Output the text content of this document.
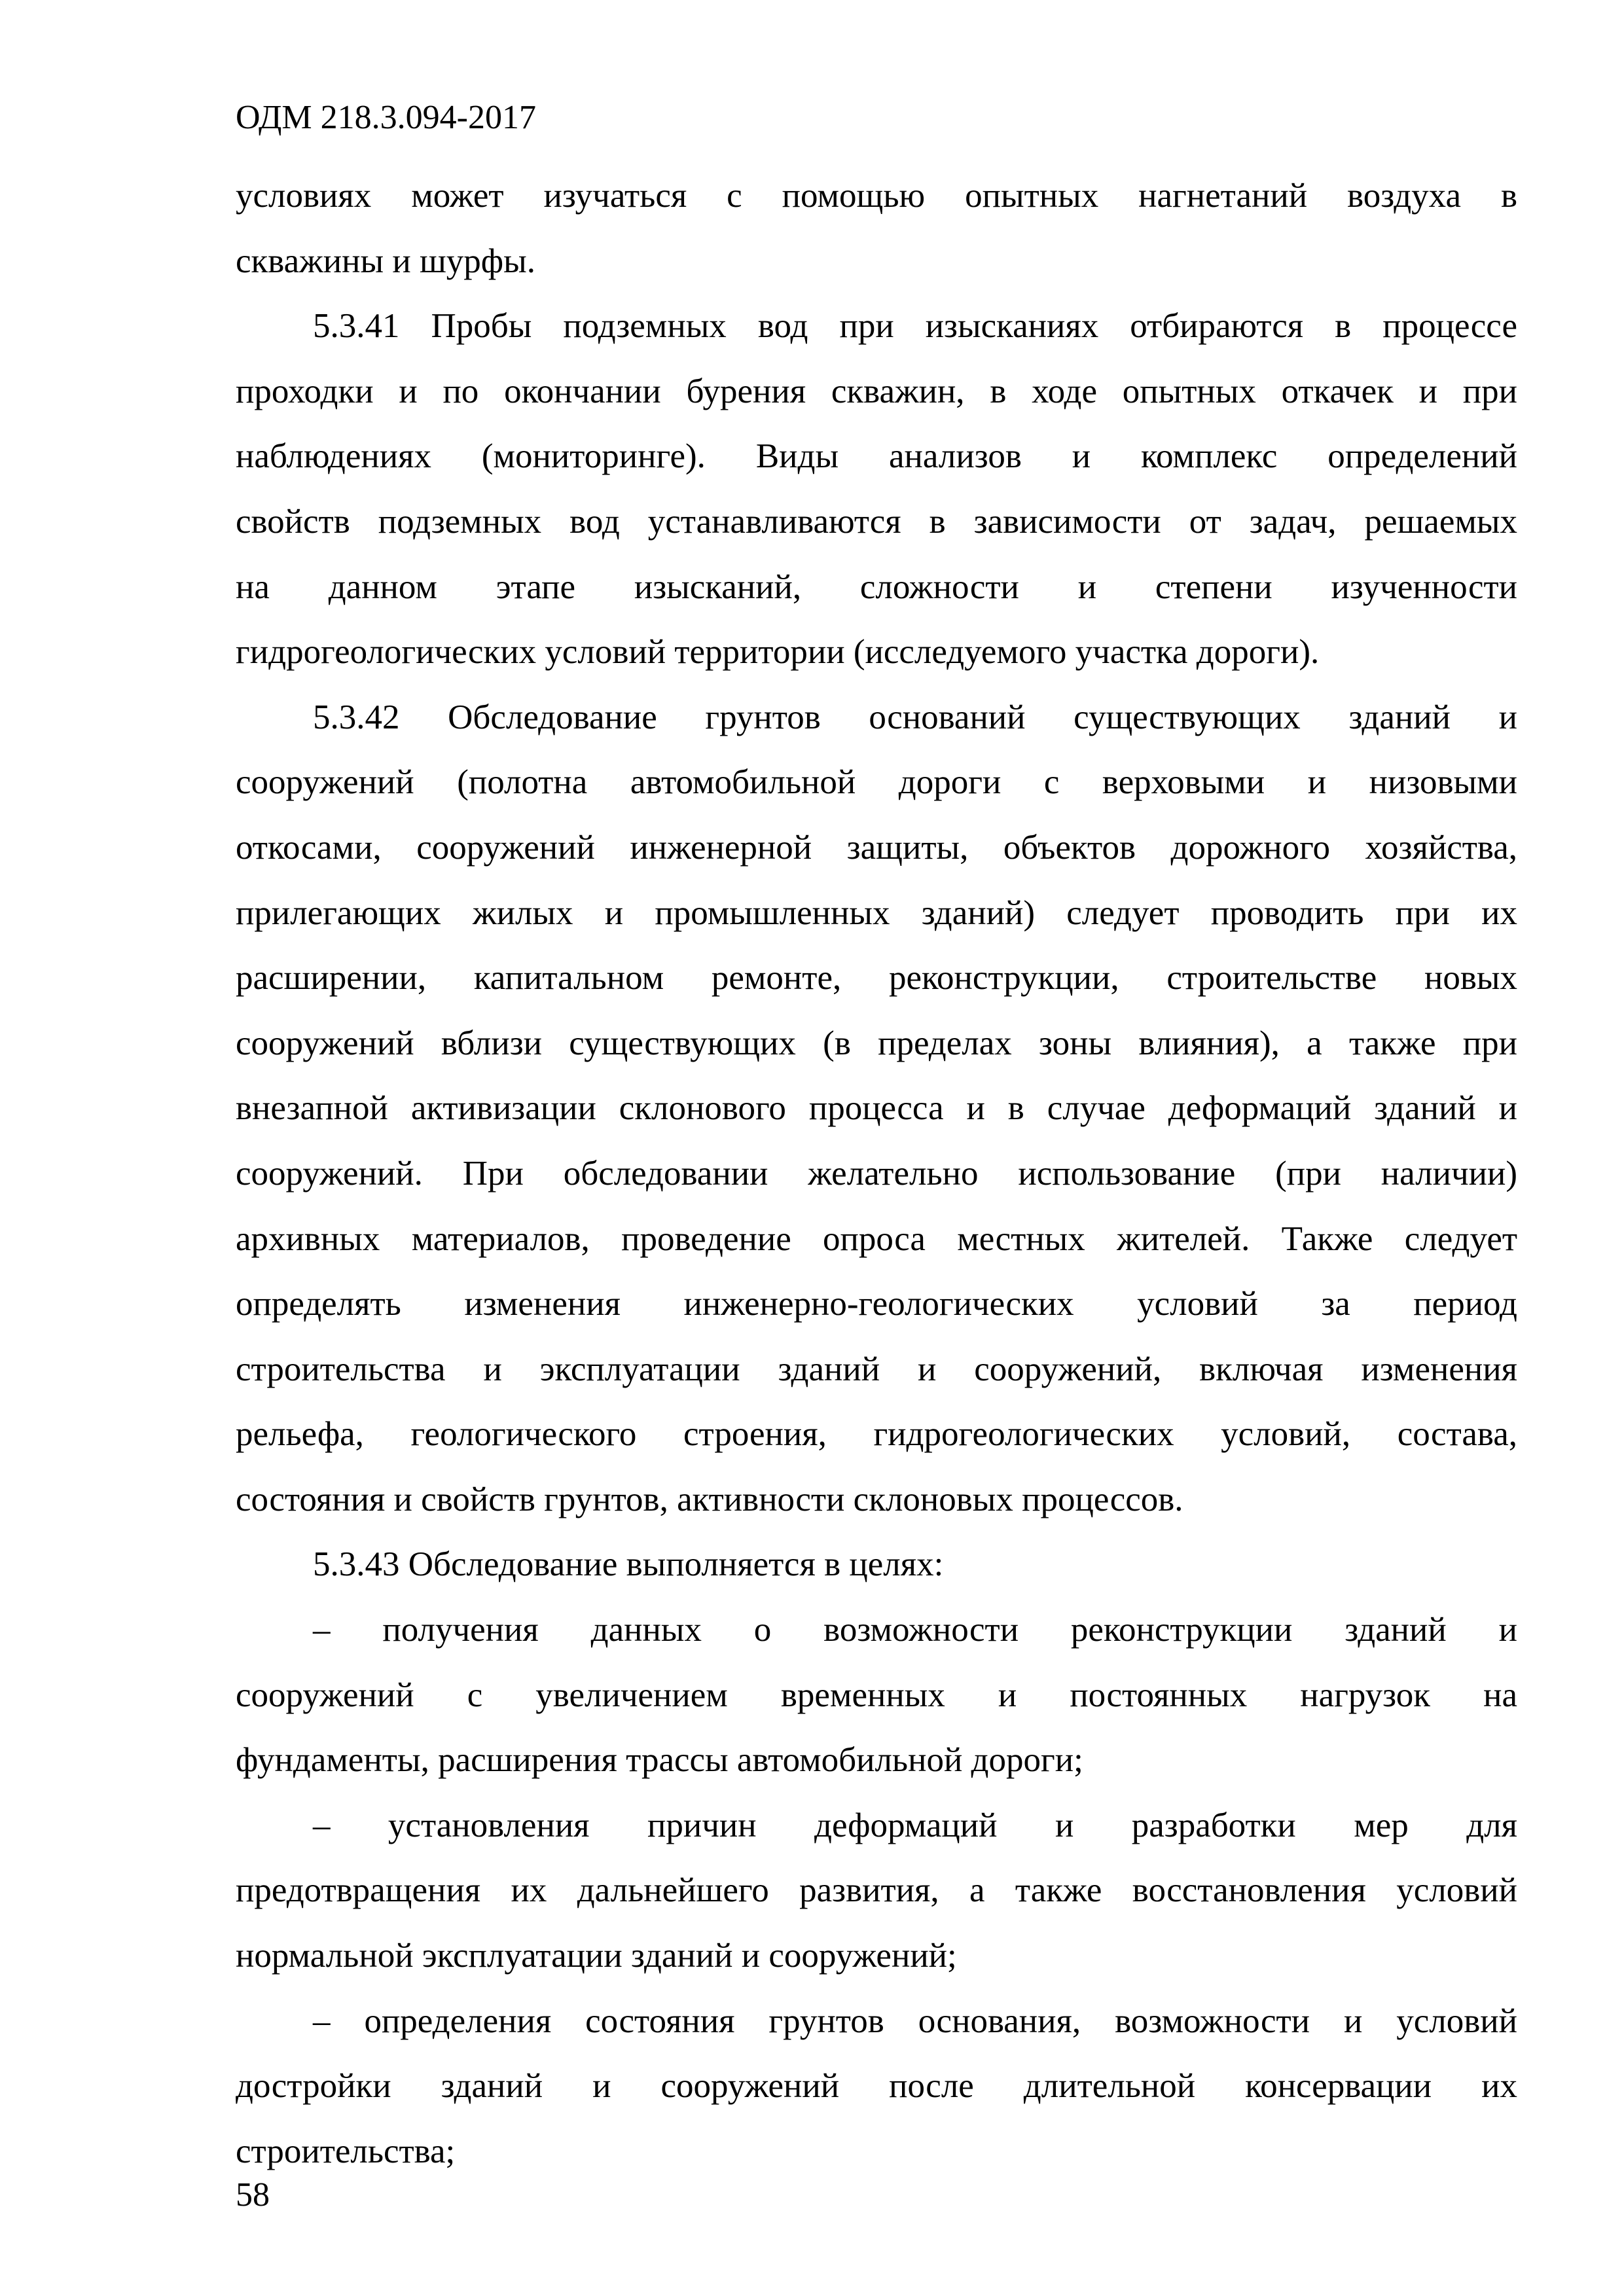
ОДМ 218.3.094-2017
условиях может изучаться с помощью опытных нагнетаний воздуха в
скважины и шурфы.
5.3.41 Пробы подземных вод при изысканиях отбираются в процессе
проходки и по окончании бурения скважин, в ходе опытных откачек и при
наблюдениях (мониторинге). Виды анализов и комплекс определений
свойств подземных вод устанавливаются в зависимости от задач, решаемых
на данном этапе изысканий, сложности и степени изученности
гидрогеологических условий территории (исследуемого участка дороги).
5.3.42 Обследование грунтов оснований существующих зданий и
сооружений (полотна автомобильной дороги с верховыми и низовыми
откосами, сооружений инженерной защиты, объектов дорожного хозяйства,
прилегающих жилых и промышленных зданий) следует проводить при их
расширении, капитальном ремонте, реконструкции, строительстве новых
сооружений вблизи существующих (в пределах зоны влияния), а также при
внезапной активизации склонового процесса и в случае деформаций зданий и
сооружений. При обследовании желательно использование (при наличии)
архивных материалов, проведение опроса местных жителей. Также следует
определять изменения инженерно-геологических условий за период
строительства и эксплуатации зданий и сооружений, включая изменения
рельефа, геологического строения, гидрогеологических условий, состава,
состояния и свойств грунтов, активности склоновых процессов.
5.3.43 Обследование выполняется в целях:
– получения данных о возможности реконструкции зданий и
сооружений с увеличением временных и постоянных нагрузок на
фундаменты, расширения трассы автомобильной дороги;
– установления причин деформаций и разработки мер для
предотвращения их дальнейшего развития, а также восстановления условий
нормальной эксплуатации зданий и сооружений;
– определения состояния грунтов основания, возможности и условий
достройки зданий и сооружений после длительной консервации их
строительства;
58
